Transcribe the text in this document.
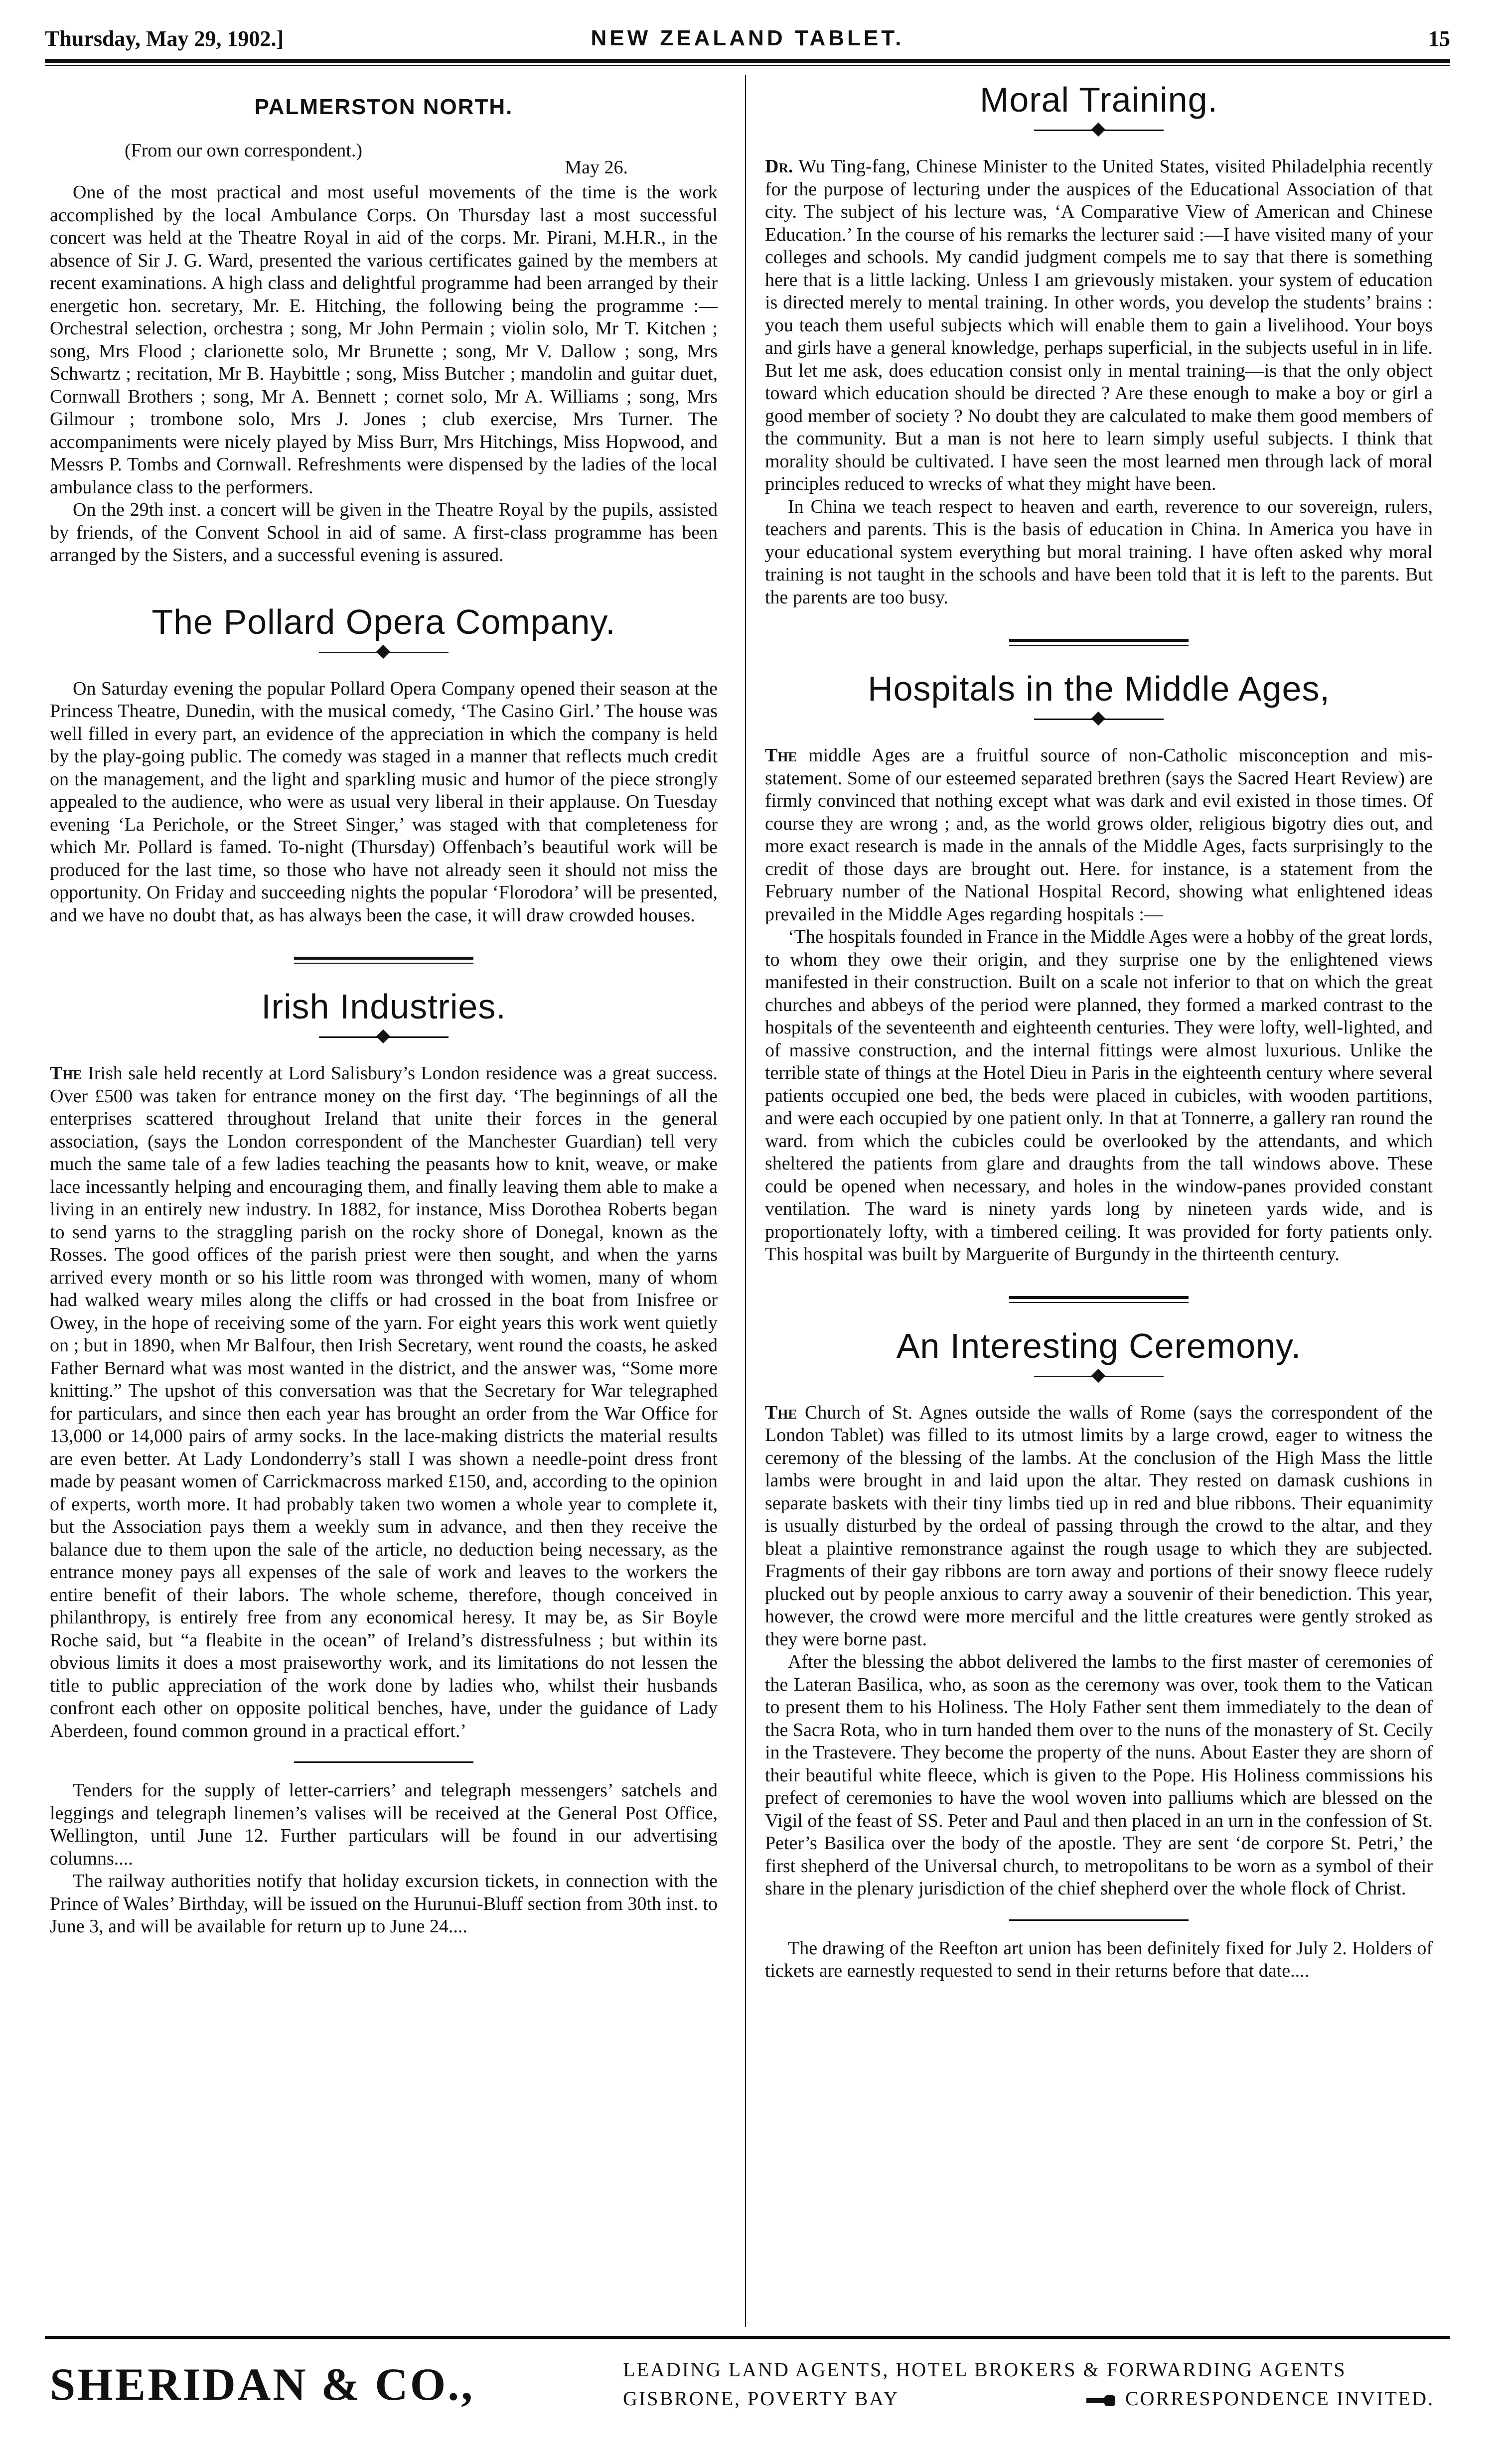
Thursday, May 29, 1902.]	NEW ZEALAND TABLET.	15
PALMERSTON NORTH.
(From our own correspondent.)
May 26.

One of the most practical and most useful movements of the time is the work accomplished by the local Ambulance Corps. On Thursday last a most successful concert was held at the Theatre Royal in aid of the corps. Mr. Pirani, M.H.R., in the absence of Sir J. G. Ward, presented the various certificates gained by the members at recent examinations. A high class and delightful programme had been arranged by their energetic hon. secretary, Mr. E. Hitching, the following being the programme :—Orchestral selection, orchestra ; song, Mr John Permain ; violin solo, Mr T. Kitchen ; song, Mrs Flood ; clarionette solo, Mr Brunette ; song, Mr V. Dallow ; song, Mrs Schwartz ; recitation, Mr B. Haybittle ; song, Miss Butcher ; mandolin and guitar duet, Cornwall Brothers ; song, Mr A. Bennett ; cornet solo, Mr A. Williams ; song, Mrs Gilmour ; trombone solo, Mrs J. Jones ; club exercise, Mrs Turner. The accompaniments were nicely played by Miss Burr, Mrs Hitchings, Miss Hopwood, and Messrs P. Tombs and Cornwall. Refreshments were dispensed by the ladies of the local ambulance class to the performers.

On the 29th inst. a concert will be given in the Theatre Royal by the pupils, assisted by friends, of the Convent School in aid of same. A first-class programme has been arranged by the Sisters, and a successful evening is assured.

The Pollard Opera Company.

On Saturday evening the popular Pollard Opera Company opened their season at the Princess Theatre, Dunedin, with the musical comedy, ‘The Casino Girl.’ The house was well filled in every part, an evidence of the appreciation in which the company is held by the play-going public. The comedy was staged in a manner that reflects much credit on the management, and the light and sparkling music and humor of the piece strongly appealed to the audience, who were as usual very liberal in their applause. On Tuesday evening ‘La Perichole, or the Street Singer,’ was staged with that completeness for which Mr. Pollard is famed. To-night (Thursday) Offenbach’s beautiful work will be produced for the last time, so those who have not already seen it should not miss the opportunity. On Friday and succeeding nights the popular ‘Florodora’ will be presented, and we have no doubt that, as has always been the case, it will draw crowded houses.

Irish Industries.

The Irish sale held recently at Lord Salisbury’s London residence was a great success. Over £500 was taken for entrance money on the first day. ‘The beginnings of all the enterprises scattered throughout Ireland that unite their forces in the general association, (says the London correspondent of the Manchester Guardian) tell very much the same tale of a few ladies teaching the peasants how to knit, weave, or make lace incessantly helping and encouraging them, and finally leaving them able to make a living in an entirely new industry. In 1882, for instance, Miss Dorothea Roberts began to send yarns to the straggling parish on the rocky shore of Donegal, known as the Rosses. The good offices of the parish priest were then sought, and when the yarns arrived every month or so his little room was thronged with women, many of whom had walked weary miles along the cliffs or had crossed in the boat from Inisfree or Owey, in the hope of receiving some of the yarn. For eight years this work went quietly on ; but in 1890, when Mr Balfour, then Irish Secretary, went round the coasts, he asked Father Bernard what was most wanted in the district, and the answer was, “Some more knitting.” The upshot of this conversation was that the Secretary for War telegraphed for particulars, and since then each year has brought an order from the War Office for 13,000 or 14,000 pairs of army socks. In the lace-making districts the material results are even better. At Lady Londonderry’s stall I was shown a needle-point dress front made by peasant women of Carrickmacross marked £150, and, according to the opinion of experts, worth more. It had probably taken two women a whole year to complete it, but the Association pays them a weekly sum in advance, and then they receive the balance due to them upon the sale of the article, no deduction being necessary, as the entrance money pays all expenses of the sale of work and leaves to the workers the entire benefit of their labors. The whole scheme, therefore, though conceived in philanthropy, is entirely free from any economical heresy. It may be, as Sir Boyle Roche said, but “a fleabite in the ocean” of Ireland’s distressfulness ; but within its obvious limits it does a most praiseworthy work, and its limitations do not lessen the title to public appreciation of the work done by ladies who, whilst their husbands confront each other on opposite political benches, have, under the guidance of Lady Aberdeen, found common ground in a practical effort.’

Tenders for the supply of letter-carriers’ and telegraph messengers’ satchels and leggings and telegraph linemen’s valises will be received at the General Post Office, Wellington, until June 12. Further particulars will be found in our advertising columns....

The railway authorities notify that holiday excursion tickets, in connection with the Prince of Wales’ Birthday, will be issued on the Hurunui-Bluff section from 30th inst. to June 3, and will be available for return up to June 24....

Moral Training.

Dr. Wu Ting-fang, Chinese Minister to the United States, visited Philadelphia recently for the purpose of lecturing under the auspices of the Educational Association of that city. The subject of his lecture was, ‘A Comparative View of American and Chinese Education.’ In the course of his remarks the lecturer said :—I have visited many of your colleges and schools. My candid judgment compels me to say that there is something here that is a little lacking. Unless I am grievously mistaken. your system of education is directed merely to mental training. In other words, you develop the students’ brains : you teach them useful subjects which will enable them to gain a livelihood. Your boys and girls have a general knowledge, perhaps superficial, in the subjects useful in in life. But let me ask, does education consist only in mental training—is that the only object toward which education should be directed ? Are these enough to make a boy or girl a good member of society ? No doubt they are calculated to make them good members of the community. But a man is not here to learn simply useful subjects. I think that morality should be cultivated. I have seen the most learned men through lack of moral principles reduced to wrecks of what they might have been.

In China we teach respect to heaven and earth, reverence to our sovereign, rulers, teachers and parents. This is the basis of education in China. In America you have in your educational system everything but moral training. I have often asked why moral training is not taught in the schools and have been told that it is left to the parents. But the parents are too busy.

Hospitals in the Middle Ages,

The middle Ages are a fruitful source of non-Catholic misconception and mis-statement. Some of our esteemed separated brethren (says the Sacred Heart Review) are firmly convinced that nothing except what was dark and evil existed in those times. Of course they are wrong ; and, as the world grows older, religious bigotry dies out, and more exact research is made in the annals of the Middle Ages, facts surprisingly to the credit of those days are brought out. Here. for instance, is a statement from the February number of the National Hospital Record, showing what enlightened ideas prevailed in the Middle Ages regarding hospitals :—

‘The hospitals founded in France in the Middle Ages were a hobby of the great lords, to whom they owe their origin, and they surprise one by the enlightened views manifested in their construction. Built on a scale not inferior to that on which the great churches and abbeys of the period were planned, they formed a marked contrast to the hospitals of the seventeenth and eighteenth centuries. They were lofty, well-lighted, and of massive construction, and the internal fittings were almost luxurious. Unlike the terrible state of things at the Hotel Dieu in Paris in the eighteenth century where several patients occupied one bed, the beds were placed in cubicles, with wooden partitions, and were each occupied by one patient only. In that at Tonnerre, a gallery ran round the ward. from which the cubicles could be overlooked by the attendants, and which sheltered the patients from glare and draughts from the tall windows above. These could be opened when necessary, and holes in the window-panes provided constant ventilation. The ward is ninety yards long by nineteen yards wide, and is proportionately lofty, with a timbered ceiling. It was provided for forty patients only. This hospital was built by Marguerite of Burgundy in the thirteenth century.

An Interesting Ceremony.

The Church of St. Agnes outside the walls of Rome (says the correspondent of the London Tablet) was filled to its utmost limits by a large crowd, eager to witness the ceremony of the blessing of the lambs. At the conclusion of the High Mass the little lambs were brought in and laid upon the altar. They rested on damask cushions in separate baskets with their tiny limbs tied up in red and blue ribbons. Their equanimity is usually disturbed by the ordeal of passing through the crowd to the altar, and they bleat a plaintive remonstrance against the rough usage to which they are subjected. Fragments of their gay ribbons are torn away and portions of their snowy fleece rudely plucked out by people anxious to carry away a souvenir of their benediction. This year, however, the crowd were more merciful and the little creatures were gently stroked as they were borne past.

After the blessing the abbot delivered the lambs to the first master of ceremonies of the Lateran Basilica, who, as soon as the ceremony was over, took them to the Vatican to present them to his Holiness. The Holy Father sent them immediately to the dean of the Sacra Rota, who in turn handed them over to the nuns of the monastery of St. Cecily in the Trastevere. They become the property of the nuns. About Easter they are shorn of their beautiful white fleece, which is given to the Pope. His Holiness commissions his prefect of ceremonies to have the wool woven into palliums which are blessed on the Vigil of the feast of SS. Peter and Paul and then placed in an urn in the confession of St. Peter’s Basilica over the body of the apostle. They are sent ‘de corpore St. Petri,’ the first shepherd of the Universal church, to metropolitans to be worn as a symbol of their share in the plenary jurisdiction of the chief shepherd over the whole flock of Christ.

The drawing of the Reefton art union has been definitely fixed for July 2. Holders of tickets are earnestly requested to send in their returns before that date....

SHERIDAN & CO.,	LEADING LAND AGENTS, HOTEL BROKERS & FORWARDING AGENTS
GISBRONE, POVERTY BAY	CORRESPONDENCE INVITED.
